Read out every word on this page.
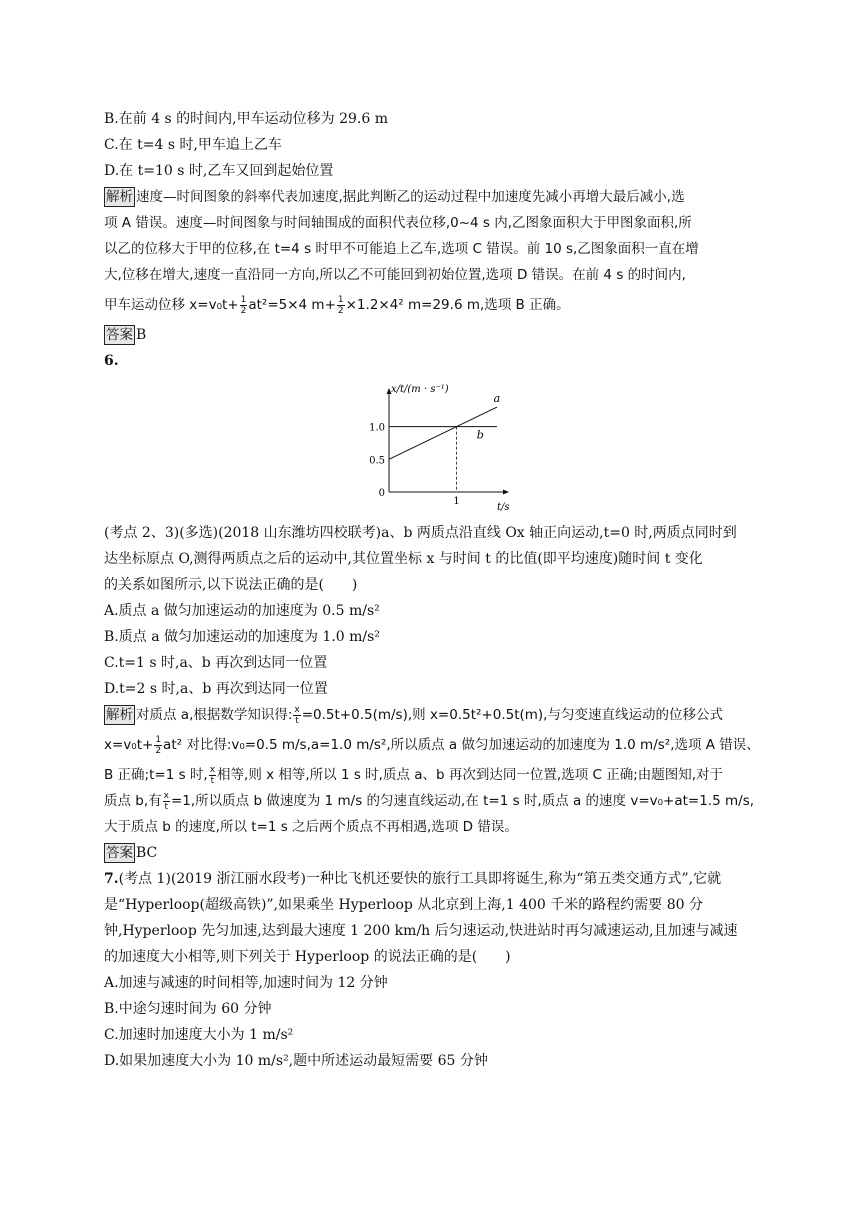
B.在前 4 s 的时间内,甲车运动位移为 29.6 m
C.在 t=4 s 时,甲车追上乙车
D.在 t=10 s 时,乙车又回到起始位置
解析 速度—时间图象的斜率代表加速度,据此判断乙的运动过程中加速度先减小再增大最后减小,选
项 A 错误。速度—时间图象与时间轴围成的面积代表位移,0~4 s 内,乙图象面积大于甲图象面积,所
以乙的位移大于甲的位移,在 t=4 s 时甲不可能追上乙车,选项 C 错误。前 10 s,乙图象面积一直在增
大,位移在增大,速度一直沿同一方向,所以乙不可能回到初始位置,选项 D 错误。在前 4 s 的时间内,
甲车运动位移 $x=v_0t+ \frac{1}{2} at^2=5\times 4$ $m+ \frac{1}{2} \times 1.2\times 4^2$ m=29.6 m,选项 B 正确。
答案 B
6.
x/t/(m · s⁻¹)
t/s
a
b
1.0
0.5
0
1
(考点 2、3)(多选)(2018 山东潍坊四校联考)a、b 两质点沿直线 Ox 轴正向运动,t=0 时,两质点同时到
达坐标原点 O,测得两质点之后的运动中,其位置坐标 x 与时间 t 的比值(即平均速度)随时间 t 变化
的关系如图所示,以下说法正确的是(　　)
A.质点 a 做匀加速运动的加速度为 0.5 m/s²
B.质点 a 做匀加速运动的加速度为 1.0 m/s²
C.t=1 s 时,a、b 再次到达同一位置
D.t=2 s 时,a、b 再次到达同一位置
解析 对质点 a,根据数学知识得: $\frac{x}{t} =0.5t+0.5(m/s)$,则 x=0.5t²+0.5t(m),与匀变速直线运动的位移公式
$x=v_0t+ \frac{1}{2} at^2$ 对比得:v₀=0.5 m/s,a=1.0 m/s²,所以质点 a 做匀加速运动的加速度为 1.0 m/s²,选项 A 错误、
B 正确;t=1 s 时, $\frac{x}{t}$ 相等,则 x 相等,所以 1 s 时,质点 a、b 再次到达同一位置,选项 C 正确;由题图知,对于
质点 b,有 $\frac{x}{t} =1$,所以质点 b 做速度为 1 m/s 的匀速直线运动,在 t=1 s 时,质点 a 的速度 v=v₀+at=1.5 m/s,
大于质点 b 的速度,所以 t=1 s 之后两个质点不再相遇,选项 D 错误。
答案 BC
7.(考点 1)(2019 浙江丽水段考)一种比飞机还要快的旅行工具即将诞生,称为“第五类交通方式”,它就
是“Hyperloop(超级高铁)”,如果乘坐 Hyperloop 从北京到上海,1 400 千米的路程约需要 80 分
钟,Hyperloop 先匀加速,达到最大速度 1 200 km/h 后匀速运动,快进站时再匀减速运动,且加速与减速
的加速度大小相等,则下列关于 Hyperloop 的说法正确的是(　　)
A.加速与减速的时间相等,加速时间为 12 分钟
B.中途匀速时间为 60 分钟
C.加速时加速度大小为 1 m/s²
D.如果加速度大小为 10 m/s²,题中所述运动最短需要 65 分钟
